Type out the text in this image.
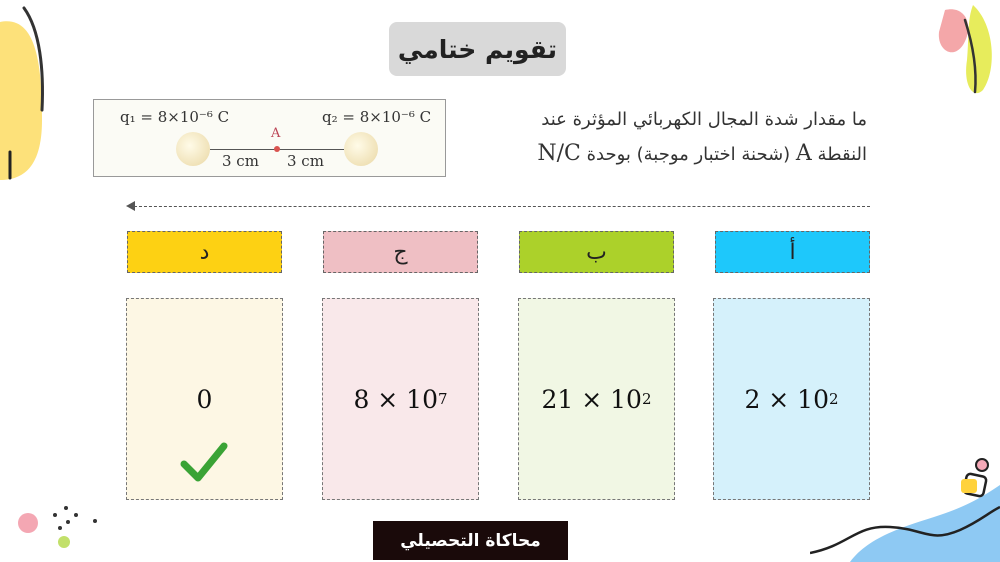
تقويم ختامي
ما مقدار شدة المجال الكهربائي المؤثرة عند
النقطة A (شحنة اختبار موجبة) بوحدة N/C
q₁ = 8×10⁻⁶ C	q₂ = 8×10⁻⁶ C
A
3 cm 3 cm
أ
ب
ج
د
2 × 10 2
21 × 10 2
8 × 10 7
0
محاكاة التحصيلي
